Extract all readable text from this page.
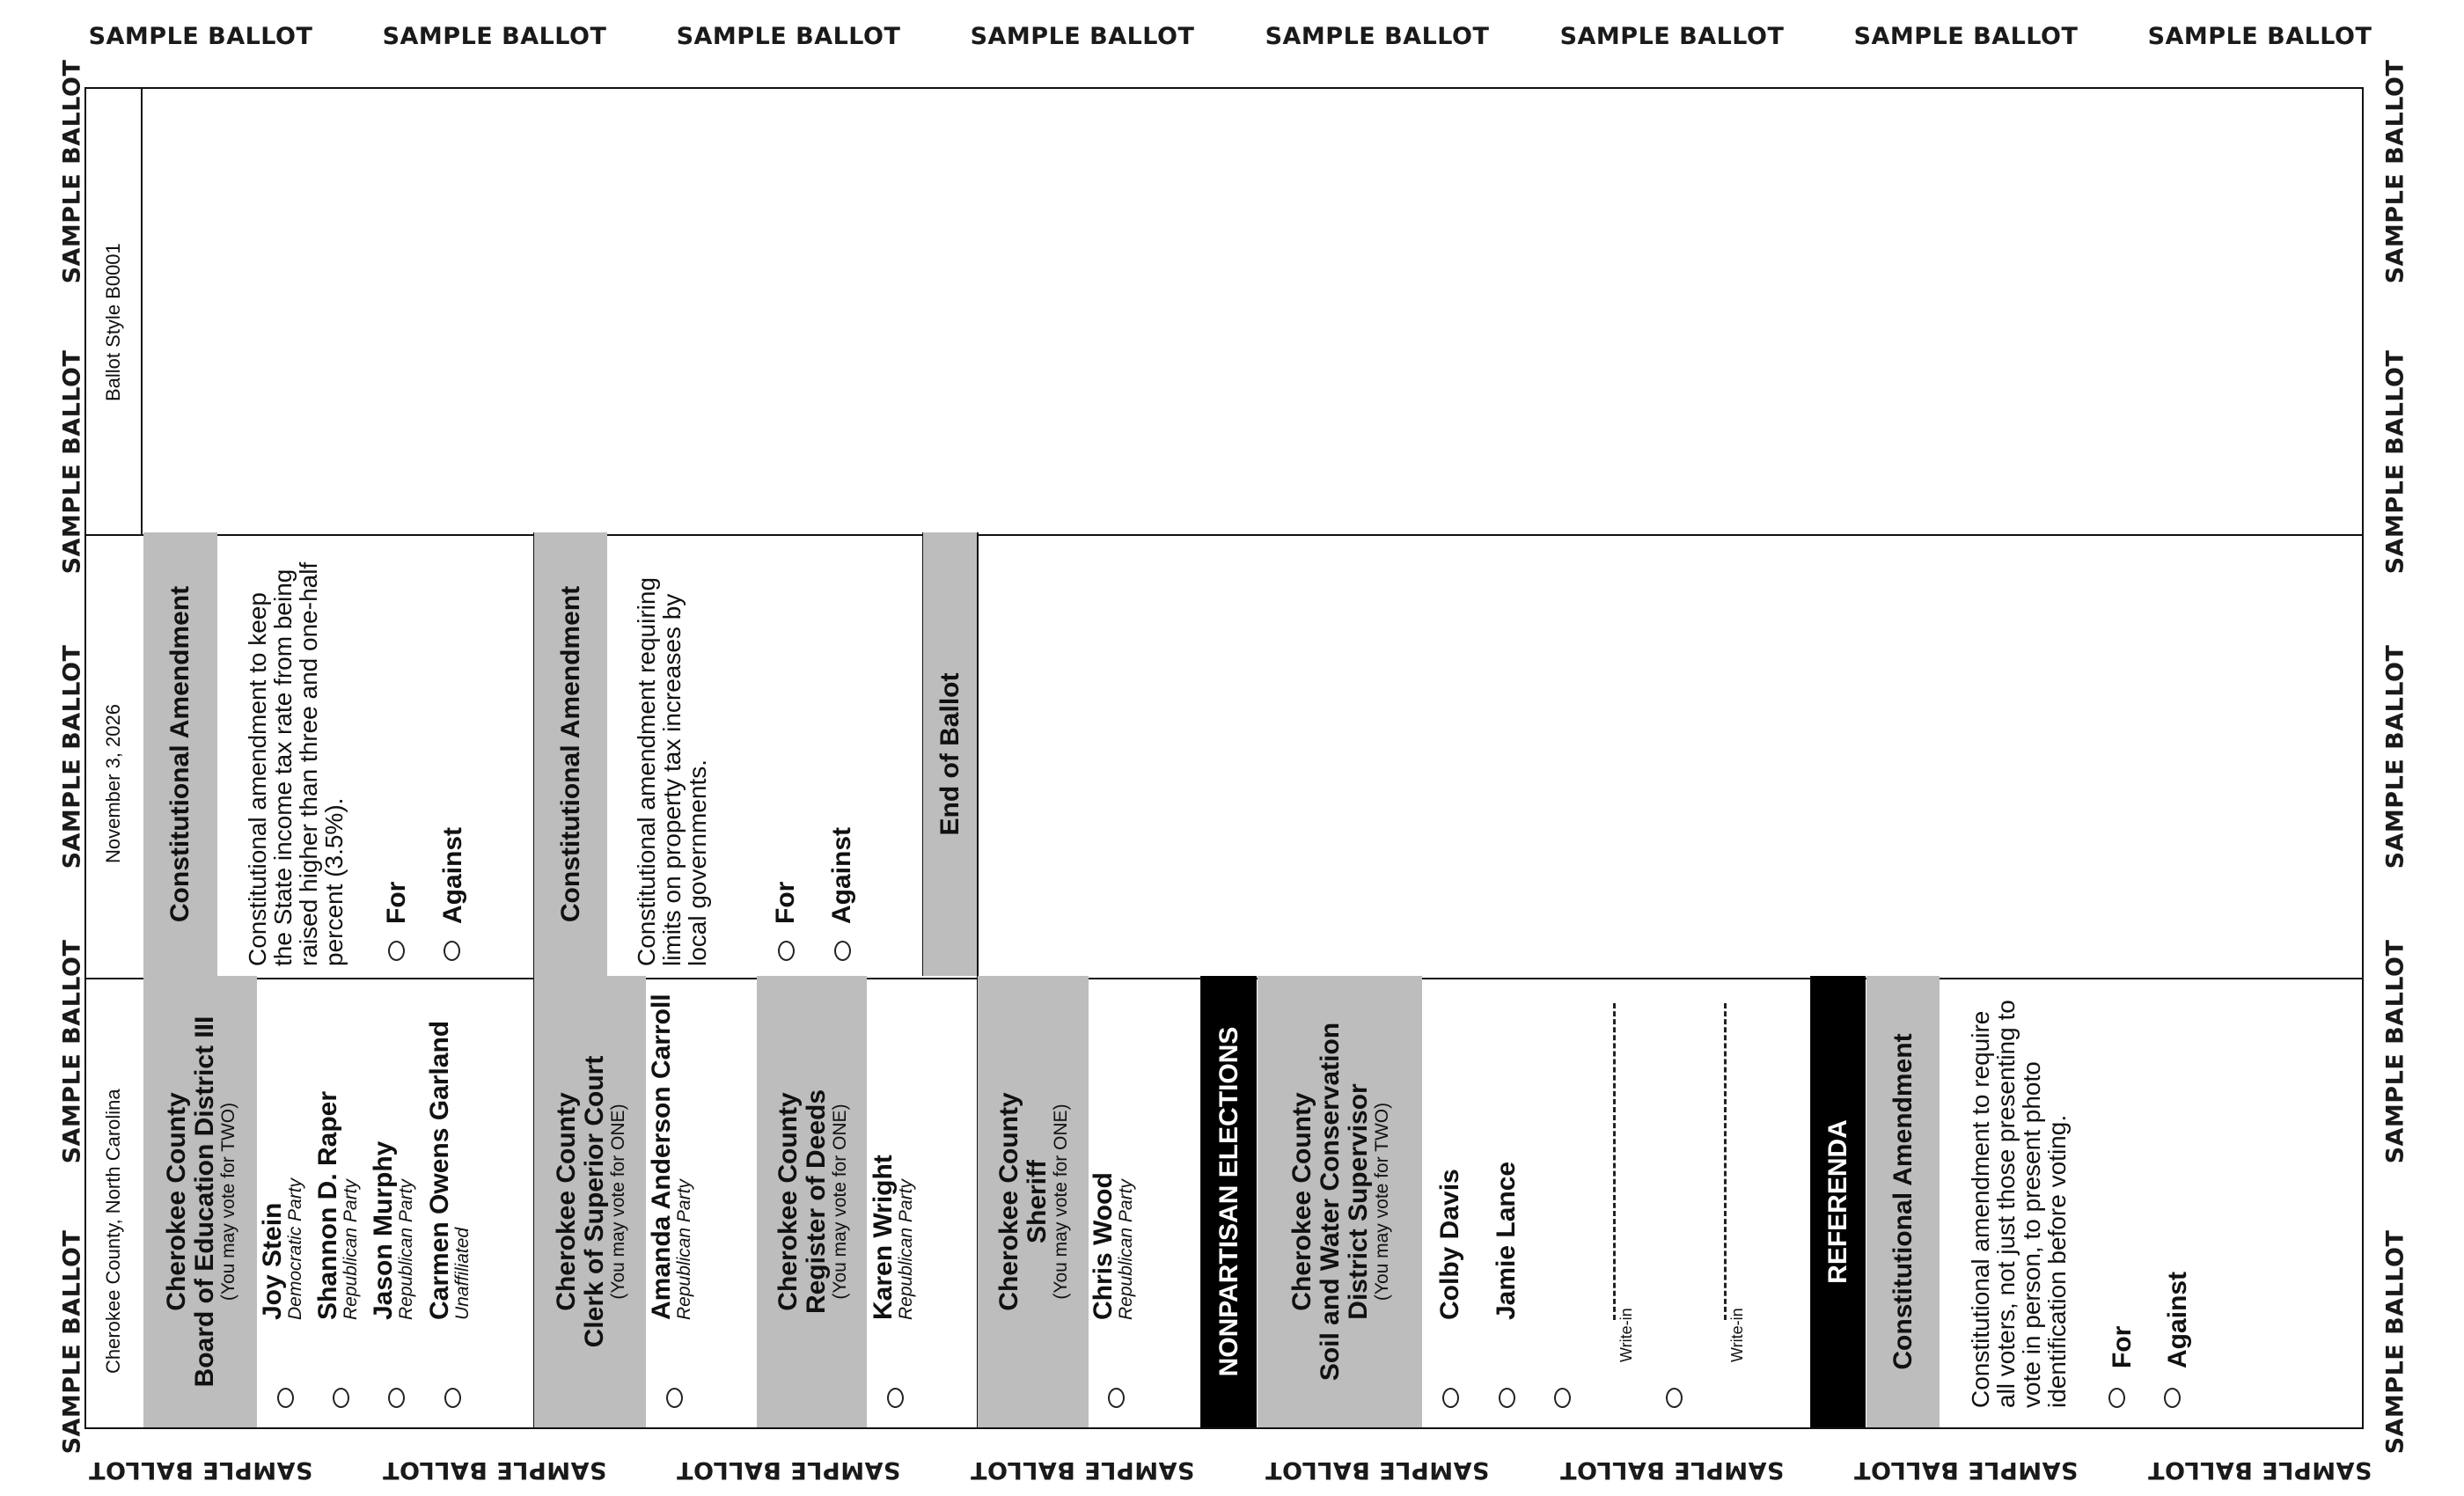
Cherokee County, North Carolina
November 3, 2026
Ballot Style B0001
Cherokee County Board of Education District III (You may vote for TWO) Joy Stein
Democratic Party Shannon D. Raper
Republican Party Jason Murphy
Republican Party Carmen Owens Garland
Unaffiliated	Cherokee County Clerk of Superior Court (You may vote for ONE) Amanda Anderson Carroll
Republican Party	Cherokee County Register of Deeds (You may vote for ONE) Karen Wright
Republican Party	Cherokee County Sheriff (You may vote for ONE) Chris Wood
Republican Party	NONPARTISAN ELECTIONS Cherokee County Soil and Water Conservation District Supervisor (You may vote for TWO) Colby Davis Jamie Lance
Write-in	Write-in
REFERENDA Constitutional Amendment Constitutional amendment to require all voters, not just those presenting to vote in person, to present photo identification before voting. For Against
Constitutional Amendment Constitutional amendment to keep the State income tax rate from being raised higher than three and one-half percent (3.5%). For Against	Constitutional Amendment Constitutional amendment requiring limits on property tax increases by local governments. For Against
End of Ballot
SAMPLE BALLOT
SAMPLE BALLOT
SAMPLE BALLOT
SAMPLE BALLOT
SAMPLE BALLOT
SAMPLE BALLOT
SAMPLE BALLOT
SAMPLE BALLOT
SAMPLE BALLOT
SAMPLE BALLOT
SAMPLE BALLOT
SAMPLE BALLOT
SAMPLE BALLOT
SAMPLE BALLOT
SAMPLE BALLOT
SAMPLE BALLOT
SAMPLE BALLOT
SAMPLE BALLOT
SAMPLE BALLOT
SAMPLE BALLOT
SAMPLE BALLOT
SAMPLE BALLOT
SAMPLE BALLOT
SAMPLE BALLOT
SAMPLE BALLOT
SAMPLE BALLOT
